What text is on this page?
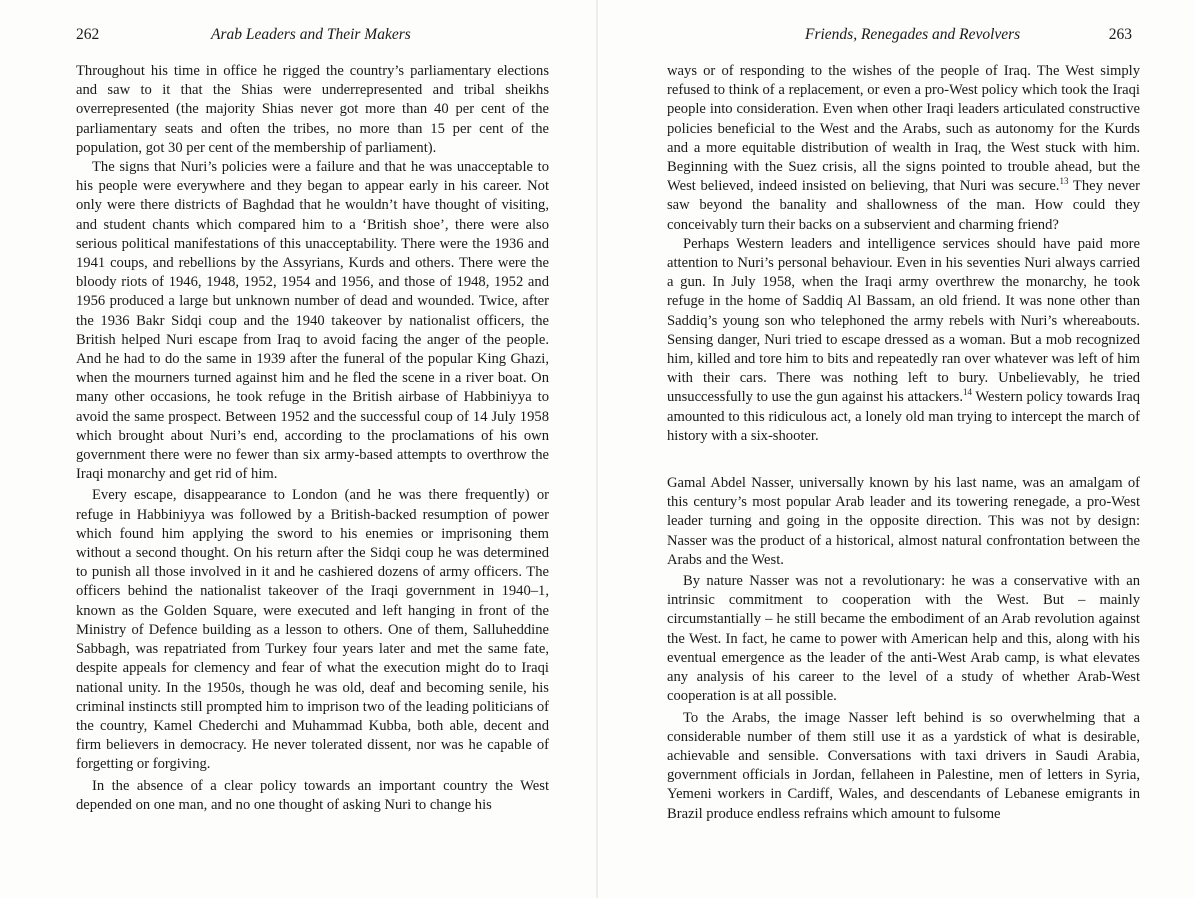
262	Arab Leaders and Their Makers

Throughout his time in office he rigged the country’s parliamentary elections and saw to it that the Shias were underrepresented and tribal sheikhs overrepresented (the majority Shias never got more than 40 per cent of the parliamentary seats and often the tribes, no more than 15 per cent of the population, got 30 per cent of the membership of parliament).

The signs that Nuri’s policies were a failure and that he was unacceptable to his people were everywhere and they began to appear early in his career. Not only were there districts of Baghdad that he wouldn’t have thought of visiting, and student chants which compared him to a ‘British shoe’, there were also serious political manifestations of this unacceptability. There were the 1936 and 1941 coups, and rebellions by the Assyrians, Kurds and others. There were the bloody riots of 1946, 1948, 1952, 1954 and 1956, and those of 1948, 1952 and 1956 produced a large but unknown number of dead and wounded. Twice, after the 1936 Bakr Sidqi coup and the 1940 takeover by nationalist officers, the British helped Nuri escape from Iraq to avoid facing the anger of the people. And he had to do the same in 1939 after the funeral of the popular King Ghazi, when the mourners turned against him and he fled the scene in a river boat. On many other occasions, he took refuge in the British airbase of Habbiniyya to avoid the same prospect. Between 1952 and the successful coup of 14 July 1958 which brought about Nuri’s end, according to the proclamations of his own government there were no fewer than six army-based attempts to overthrow the Iraqi monarchy and get rid of him.

Every escape, disappearance to London (and he was there frequently) or refuge in Habbiniyya was followed by a British-backed resumption of power which found him applying the sword to his enemies or imprisoning them without a second thought. On his return after the Sidqi coup he was determined to punish all those involved in it and he cashiered dozens of army officers. The officers behind the nationalist takeover of the Iraqi government in 1940–1, known as the Golden Square, were executed and left hanging in front of the Ministry of Defence building as a lesson to others. One of them, Salluheddine Sabbagh, was repatriated from Turkey four years later and met the same fate, despite appeals for clemency and fear of what the execution might do to Iraqi national unity. In the 1950s, though he was old, deaf and becoming senile, his criminal instincts still prompted him to imprison two of the leading politicians of the country, Kamel Chederchi and Muhammad Kubba, both able, decent and firm believers in democracy. He never tolerated dissent, nor was he capable of forgetting or forgiving.

In the absence of a clear policy towards an important country the West depended on one man, and no one thought of asking Nuri to change his

Friends, Renegades and Revolvers	263

ways or of responding to the wishes of the people of Iraq. The West simply refused to think of a replacement, or even a pro-West policy which took the Iraqi people into consideration. Even when other Iraqi leaders articulated constructive policies beneficial to the West and the Arabs, such as autonomy for the Kurds and a more equitable distribution of wealth in Iraq, the West stuck with him. Beginning with the Suez crisis, all the signs pointed to trouble ahead, but the West believed, indeed insisted on believing, that Nuri was secure.$^{13}$ They never saw beyond the banality and shallowness of the man. How could they conceivably turn their backs on a subservient and charming friend?

Perhaps Western leaders and intelligence services should have paid more attention to Nuri’s personal behaviour. Even in his seventies Nuri always carried a gun. In July 1958, when the Iraqi army overthrew the monarchy, he took refuge in the home of Saddiq Al Bassam, an old friend. It was none other than Saddiq’s young son who telephoned the army rebels with Nuri’s whereabouts. Sensing danger, Nuri tried to escape dressed as a woman. But a mob recognized him, killed and tore him to bits and repeatedly ran over whatever was left of him with their cars. There was nothing left to bury. Unbelievably, he tried unsuccessfully to use the gun against his attackers.$^{14}$ Western policy towards Iraq amounted to this ridiculous act, a lonely old man trying to intercept the march of history with a six-shooter.

Gamal Abdel Nasser, universally known by his last name, was an amalgam of this century’s most popular Arab leader and its towering renegade, a pro-West leader turning and going in the opposite direction. This was not by design: Nasser was the product of a historical, almost natural confrontation between the Arabs and the West.

By nature Nasser was not a revolutionary: he was a conservative with an intrinsic commitment to cooperation with the West. But – mainly circumstantially – he still became the embodiment of an Arab revolution against the West. In fact, he came to power with American help and this, along with his eventual emergence as the leader of the anti-West Arab camp, is what elevates any analysis of his career to the level of a study of whether Arab-West cooperation is at all possible.

To the Arabs, the image Nasser left behind is so overwhelming that a considerable number of them still use it as a yardstick of what is desirable, achievable and sensible. Conversations with taxi drivers in Saudi Arabia, government officials in Jordan, fellaheen in Palestine, men of letters in Syria, Yemeni workers in Cardiff, Wales, and descendants of Lebanese emigrants in Brazil produce endless refrains which amount to fulsome
